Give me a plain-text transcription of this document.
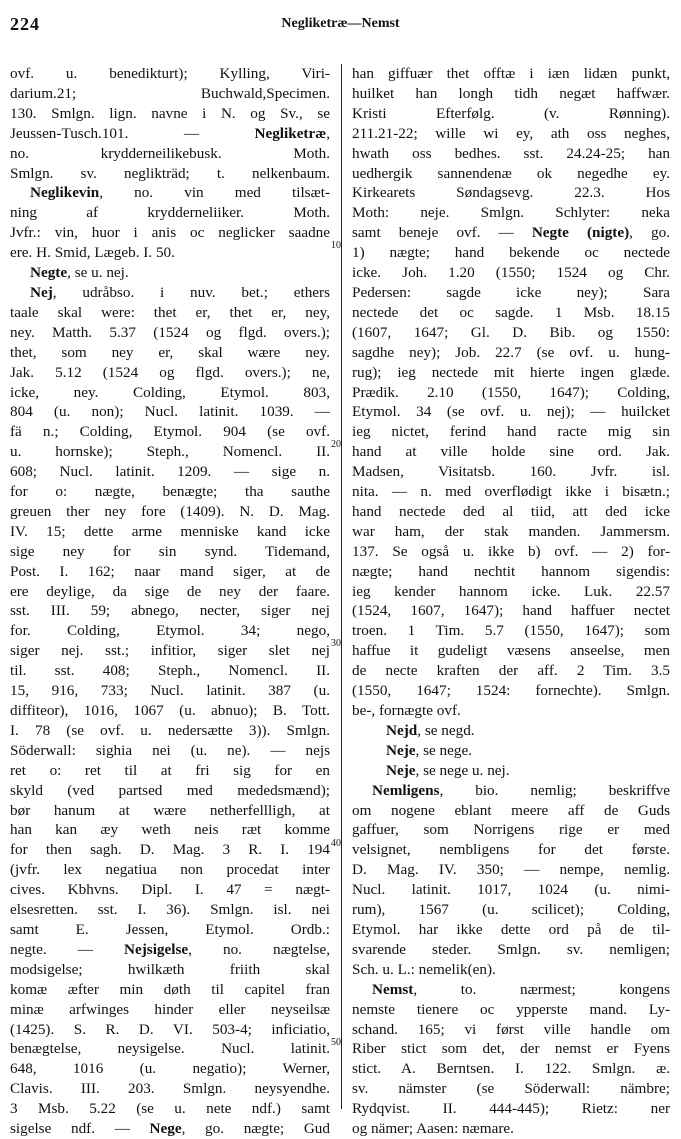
224	Negliketræ—Nemst
ovf. u. benedikturt); Kylling, Viri-
darium.21; Buchwald,Specimen.
130. Smlgn. lign. navne i N. og Sv., se
Jeussen-Tusch.101. — Negliketræ,
no. krydderneilikebusk. Moth.
Smlgn. sv. neglikträd; t. nelkenbaum.
Neglikevin, no. vin med tilsæt-
ning af krydderneliiker. Moth.
Jvfr.: vin, huor i anis oc neglicker saadne
ere. H. Smid, Lægeb. I. 50.
Negte, se u. nej.
Nej, udråbso. i nuv. bet.; ethers
taale skal were: thet er, thet er, ney,
ney. Matth. 5.37 (1524 og flgd. overs.);
thet, som ney er, skal wære ney.
Jak. 5.12 (1524 og flgd. overs.); ne,
icke, ney. Colding, Etymol. 803,
804 (u. non); Nucl. latinit. 1039. —
fä n.; Colding, Etymol. 904 (se ovf.
u. hornske); Steph., Nomencl. II.
608; Nucl. latinit. 1209. — sige n.
for o: nægte, benægte; tha sauthe
greuen ther ney fore (1409). N. D. Mag.
IV. 15; dette arme menniske kand icke
sige ney for sin synd. Tidemand,
Post. I. 162; naar mand siger, at de
ere deylige, da sige de ney der faare.
sst. III. 59; abnego, necter, siger nej
for. Colding, Etymol. 34; nego,
siger nej. sst.; infitior, siger slet nej
til. sst. 408; Steph., Nomencl. II.
15, 916, 733; Nucl. latinit. 387 (u.
diffiteor), 1016, 1067 (u. abnuo); B. Tott.
I. 78 (se ovf. u. nedersætte 3)). Smlgn.
Söderwall: sighia nei (u. ne). — nejs
ret o: ret til at fri sig for en
skyld (ved partsed med mededsmænd);
bør hanum at wære netherfellligh, at
han kan æy weth neis ræt komme
for then sagh. D. Mag. 3 R. I. 194
(jvfr. lex negatiua non procedat inter
cives. Kbhvns. Dipl. I. 47 = nægt-
elsesretten. sst. I. 36). Smlgn. isl. nei
samt E. Jessen, Etymol. Ordb.:
negte. — Nejsigelse, no. nægtelse,
modsigelse; hwilkæth friith skal
komæ æfter min døth til capitel fran
minæ arfwinges hinder eller neyseilsæ
(1425). S. R. D. VI. 503-4; inficiatio,
benægtelse, neysigelse. Nucl. latinit.
648, 1016 (u. negatio); Werner,
Clavis. III. 203. Smlgn. neysyendhe.
3 Msb. 5.22 (se u. nete ndf.) samt
sigelse ndf. — Nege, go. nægte; Gud
han giffuær thet offtæ i iæn lidæn punkt,
huilket han longh tidh negæt haffwær.
Kristi Efterfølg. (v. Rønning).
211.21-22; wille wi ey, ath oss neghes,
hwath oss bedhes. sst. 24.24-25; han
uedhergik sannendenæ ok negedhe ey.
Kirkearets Søndagsevg. 22.3. Hos
Moth: neje. Smlgn. Schlyter: neka
samt beneje ovf. — Negte (nigte), go.
1) nægte; hand bekende oc nectede
icke. Joh. 1.20 (1550; 1524 og Chr.
Pedersen: sagde icke ney); Sara
nectede det oc sagde. 1 Msb. 18.15
(1607, 1647; Gl. D. Bib. og 1550:
sagdhe ney); Job. 22.7 (se ovf. u. hung-
rug); ieg nectede mit hierte ingen glæde.
Prædik. 2.10 (1550, 1647); Colding,
Etymol. 34 (se ovf. u. nej); — huilcket
ieg nictet, ferind hand racte mig sin
hand at ville holde sine ord. Jak.
Madsen, Visitatsb. 160. Jvfr. isl.
nita. — n. med overflødigt ikke i bisætn.;
hand nectede ded al tiid, att ded icke
war ham, der stak manden. Jammersm.
137. Se også u. ikke b) ovf. — 2) for-
nægte; hand nechtit hannom sigendis:
ieg kender hannom icke. Luk. 22.57
(1524, 1607, 1647); hand haffuer nectet
troen. 1 Tim. 5.7 (1550, 1647); som
haffue it gudeligt væsens anseelse, men
de necte kraften der aff. 2 Tim. 3.5
(1550, 1647; 1524: fornechte). Smlgn.
be-, fornægte ovf.
Nejd, se negd.
Neje, se nege.
Neje, se nege u. nej.
Nemligens, bio. nemlig; beskriffve
om nogene eblant meere aff de Guds
gaffuer, som Norrigens rige er med
velsignet, nembligens for det første.
D. Mag. IV. 350; — nempe, nemlig.
Nucl. latinit. 1017, 1024 (u. nimi-
rum), 1567 (u. scilicet); Colding,
Etymol. har ikke dette ord på de til-
svarende steder. Smlgn. sv. nemligen;
Sch. u. L.: nemelik(en).
Nemst, to. nærmest; kongens
nemste tienere oc ypperste mand. Ly-
schand. 165; vi først ville handle om
Riber stict som det, der nemst er Fyens
stict. A. Berntsen. I. 122. Smlgn. æ.
sv. nämster (se Söderwall: nämbre;
Rydqvist. II. 444-445); Rietz: ner
og nämer; Aasen: næmare.
10
20
30
40
50
